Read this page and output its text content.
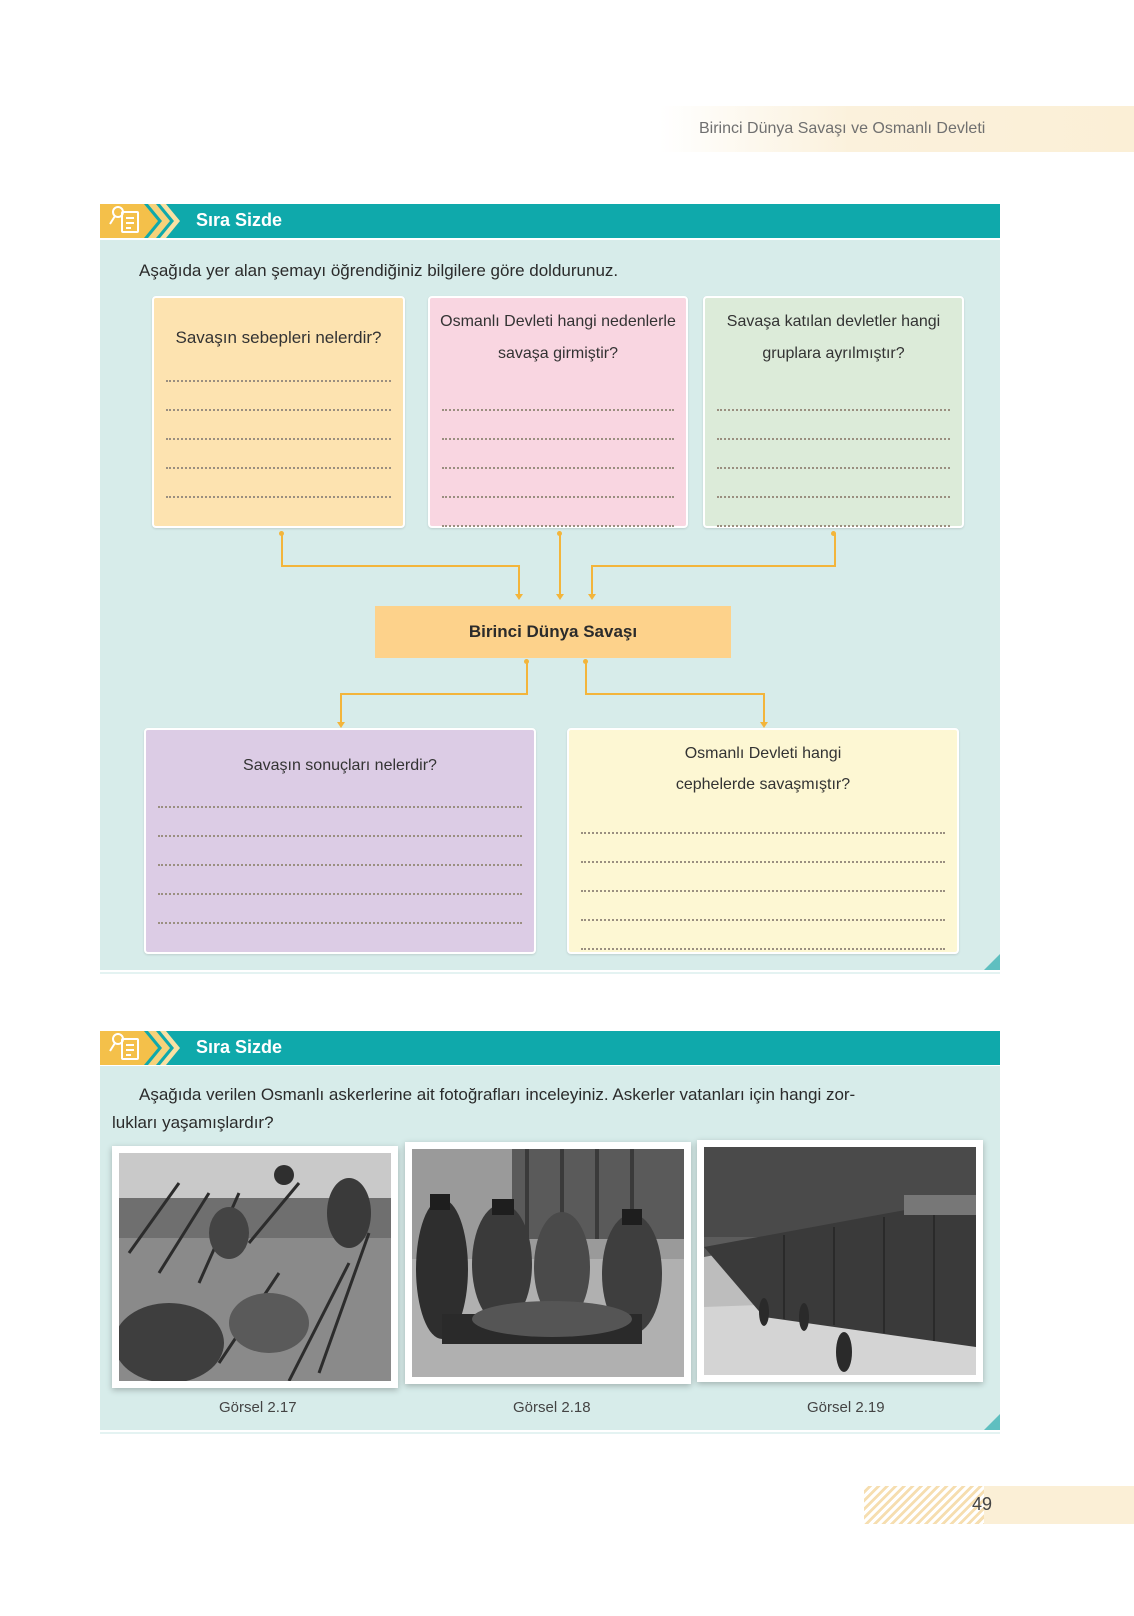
Birinci Dünya Savaşı ve Osmanlı Devleti
Sıra Sizde
Aşağıda yer alan şemayı öğrendiğiniz bilgilere göre doldurunuz.
Savaşın sebepleri nelerdir?
Osmanlı Devleti hangi nedenlerle
savaşa girmiştir?
Savaşa katılan devletler hangi
gruplara ayrılmıştır?
Birinci Dünya Savaşı
Savaşın sonuçları nelerdir?
Osmanlı Devleti hangi
cephelerde savaşmıştır?
Sıra Sizde
Aşağıda verilen Osmanlı askerlerine ait fotoğrafları inceleyiniz. Askerler vatanları için hangi zor-
lukları yaşamışlardır?
Görsel 2.17	Görsel 2.18	Görsel 2.19
49
